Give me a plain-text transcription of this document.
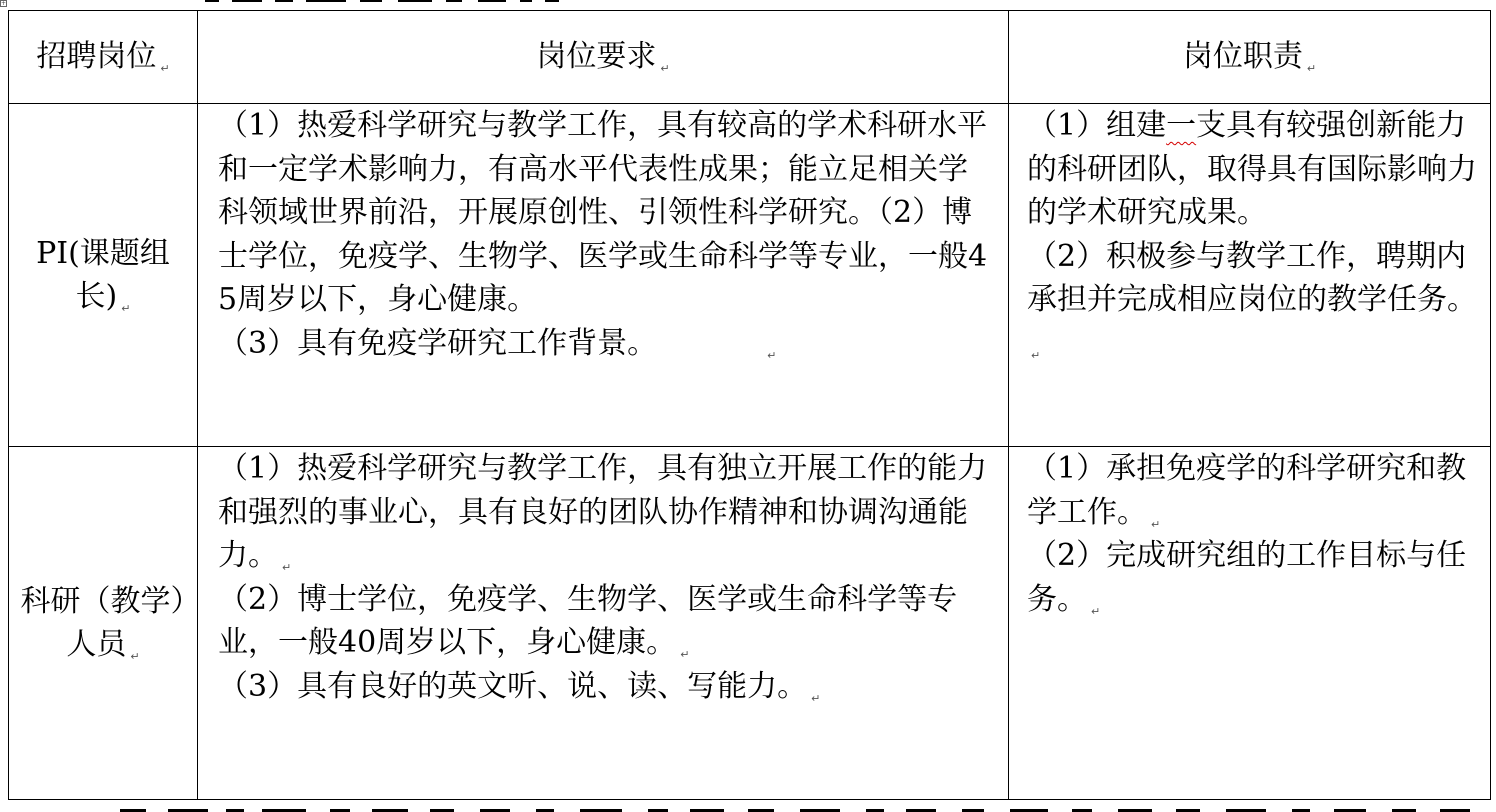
+
招聘岗位 ↵	岗位要求 ↵	岗位职责 ↵

PI(课题组长) ↵	（1）热爱科学研究与教学工作，具有较高的学术科研水平和一定学术影响力，有高水平代表性成果；能立足相关学科领域世界前沿，开展原创性、引领性科学研究。（2）博士学位，免疫学、生物学、医学或生命科学等专业，一般45周岁以下，身心健康。
（3）具有免疫学研究工作背景。 ↵	（1）组建一支具有较强创新能力的科研团队，取得具有国际影响力的学术研究成果。
（2）积极参与教学工作，聘期内承担并完成相应岗位的教学任务。↵

科研（教学）人员 ↵	（1）热爱科学研究与教学工作，具有独立开展工作的能力和强烈的事业心，具有良好的团队协作精神和协调沟通能力。 ↵
（2）博士学位，免疫学、生物学、医学或生命科学等专业，一般40周岁以下，身心健康。 ↵
（3）具有良好的英文听、说、读、写能力。 ↵	（1）承担免疫学的科学研究和教学工作。 ↵
（2）完成研究组的工作目标与任务。 ↵
